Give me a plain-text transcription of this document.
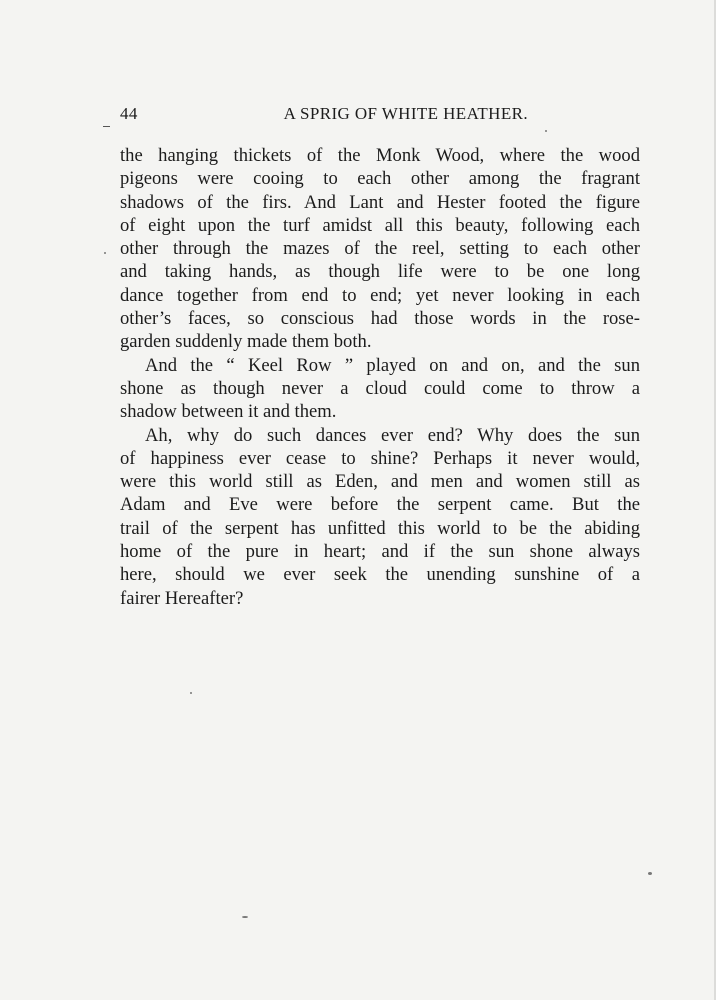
44	A SPRIG OF WHITE HEATHER.
the hanging thickets of the Monk Wood, where the wood
pigeons were cooing to each other among the fragrant
shadows of the firs. And Lant and Hester footed the figure
of eight upon the turf amidst all this beauty, following each
other through the mazes of the reel, setting to each other
and taking hands, as though life were to be one long
dance together from end to end; yet never looking in each
other’s faces, so conscious had those words in the rose-
garden suddenly made them both.
And the “ Keel Row ” played on and on, and the sun
shone as though never a cloud could come to throw a
shadow between it and them.
Ah, why do such dances ever end? Why does the sun
of happiness ever cease to shine? Perhaps it never would,
were this world still as Eden, and men and women still as
Adam and Eve were before the serpent came. But the
trail of the serpent has unfitted this world to be the abiding
home of the pure in heart; and if the sun shone always
here, should we ever seek the unending sunshine of a
fairer Hereafter?
